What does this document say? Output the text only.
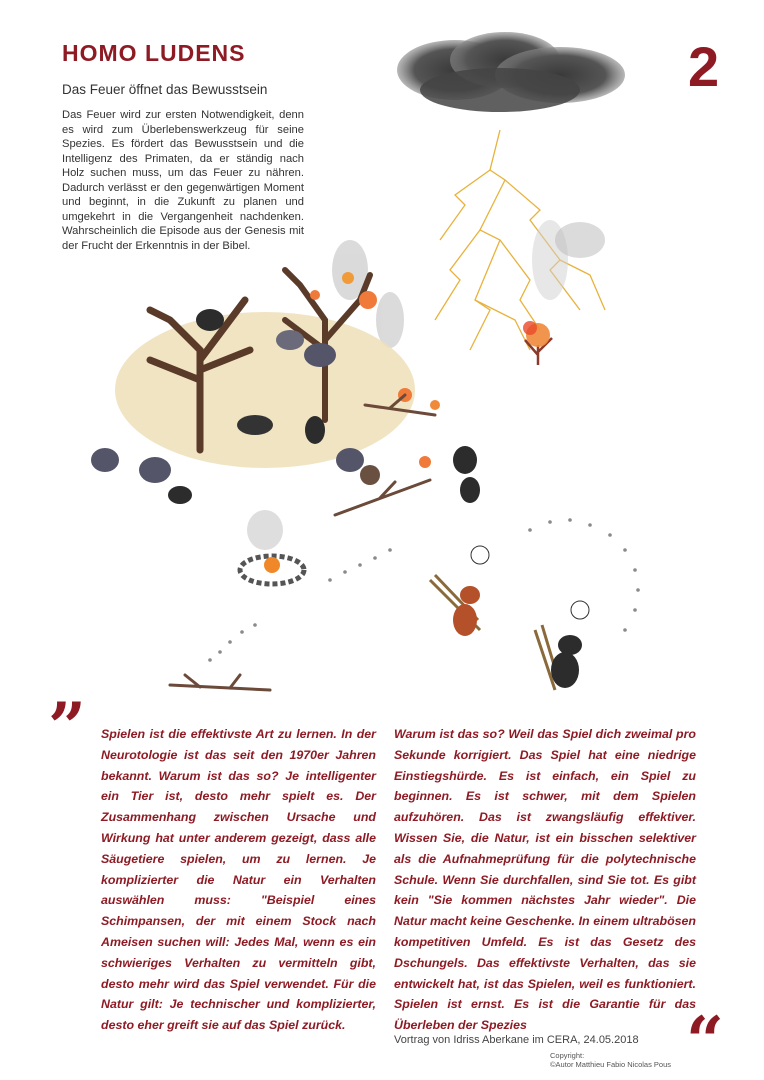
HOMO LUDENS	2
Das Feuer öffnet das Bewusstsein

Das Feuer wird zur ersten Notwendigkeit, denn es wird zum Überlebenswerkzeug für seine Spezies. Es fördert das Bewusstsein und die Intelligenz des Primaten, da er ständig nach Holz suchen muss, um das Feuer zu nähren. Dadurch verlässt er den gegenwärtigen Moment und beginnt, in die Zukunft zu planen und umgekehrt in die Vergangenheit nachdenken. Wahrscheinlich die Episode aus der Genesis mit der Frucht der Erkenntnis in der Bibel.

” Spielen ist die effektivste Art zu lernen. In der Neurotologie ist das seit den 1970er Jahren bekannt. Warum ist das so? Je intelligenter ein Tier ist, desto mehr spielt es. Der Zusammenhang zwischen Ursache und Wirkung hat unter anderem gezeigt, dass alle Säugetiere spielen, um zu lernen. Je komplizierter die Natur ein Verhalten auswählen muss: "Beispiel eines Schimpansen, der mit einem Stock nach Ameisen suchen will: Jedes Mal, wenn es ein schwieriges Verhalten zu vermitteln gibt, desto mehr wird das Spiel verwendet. Für die Natur gilt: Je technischer und komplizierter, desto eher greift sie auf das Spiel zurück.

Warum ist das so? Weil das Spiel dich zweimal pro Sekunde korrigiert. Das Spiel hat eine niedrige Einstiegshürde. Es ist einfach, ein Spiel zu beginnen. Es ist schwer, mit dem Spielen aufzuhören. Das ist zwangsläufig effektiver. Wissen Sie, die Natur, ist ein bisschen selektiver als die Aufnahmeprüfung für die polytechnische Schule. Wenn Sie durchfallen, sind Sie tot. Es gibt kein "Sie kommen nächstes Jahr wieder". Die Natur macht keine Geschenke. In einem ultrabösen kompetitiven Umfeld. Es ist das Gesetz des Dschungels. Das effektivste Verhalten, das sie entwickelt hat, ist das Spielen, weil es funktioniert. Spielen ist ernst. Es ist die Garantie für das Überleben der Spezies	“
Vortrag von Idriss Aberkane im CERA, 24.05.2018
Copyright:
©Autor Matthieu Fabio Nicolas Pous
